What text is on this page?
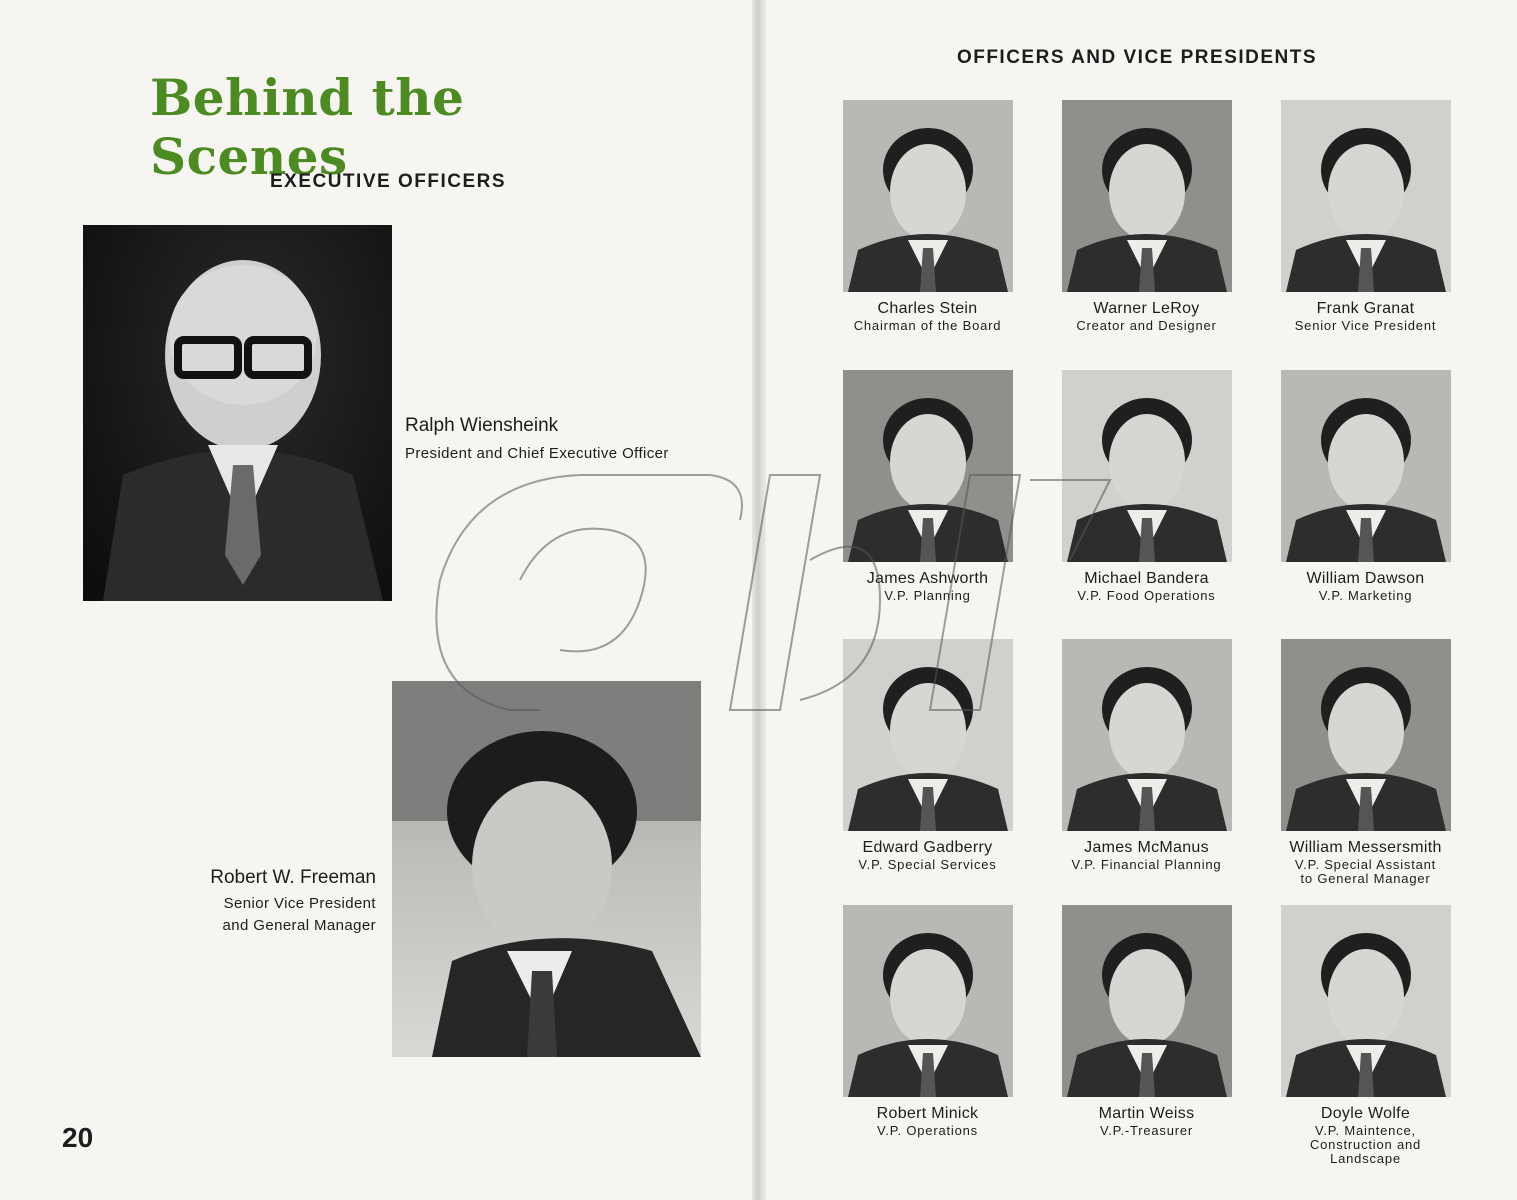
Behind the Scenes
EXECUTIVE OFFICERS

Ralph Wiensheink

President and Chief Executive Officer

Robert W. Freeman

Senior Vice President
and General Manager

20

OFFICERS AND VICE PRESIDENTS
Charles Stein
Chairman of the Board
Warner LeRoy
Creator and Designer
Frank Granat
Senior Vice President
James Ashworth
V.P. Planning
Michael Bandera
V.P. Food Operations
William Dawson
V.P. Marketing
Edward Gadberry
V.P. Special Services
James McManus
V.P. Financial Planning
William Messersmith
V.P. Special Assistant
to General Manager
Robert Minick
V.P. Operations
Martin Weiss
V.P.-Treasurer
Doyle Wolfe
V.P. Maintence,
Construction and
Landscape
